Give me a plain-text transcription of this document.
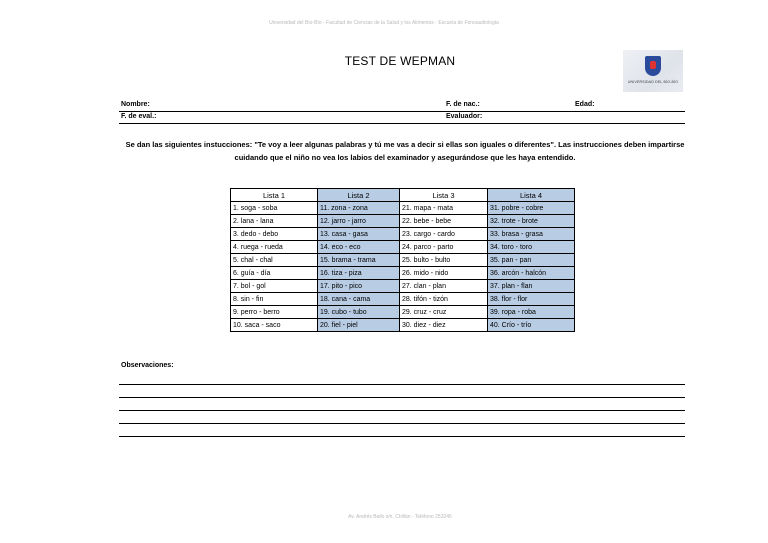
Universidad del Bío-Bío - Facultad de Ciencias de la Salud y los Alimentos - Escuela de Fonoaudiología
TEST DE WEPMAN
UNIVERSIDAD DEL BÍO-BÍO
Nombre:	F. de nac.:	Edad:
F. de eval.:	Evaluador:
Se dan las siguientes instucciones: "Te voy a leer algunas palabras y tú me vas a decir si ellas son iguales o diferentes". Las instrucciones deben impartirse cuidando que el niño no vea los labios del examinador y asegurándose que les haya entendido.
Lista 1	Lista 2	Lista 3	Lista 4
1. soga - soba	11. zona - zona	21. mapa - mata	31. pobre - cobre
2. lana - lana	12. jarro - jarro	22. bebe - bebe	32. trote - brote
3. dedo - debo	13. casa - gasa	23. cargo - cardo	33. brasa - grasa
4. ruega - rueda	14. eco - eco	24. parco - parto	34. toro - toro
5. chal - chal	15. brama - trama	25. bulto - bulto	35. pan - pan
6. guía - día	16. tiza - piza	26. mido - nido	36. arcón - halcón
7. bol - gol	17. pito - pico	27. clan - plan	37. plan - flan
8. sin - fin	18. cana - cama	28. tifón - tizón	38. flor - flor
9. perro - berro	19. cubo - tubo	29. cruz - cruz	39. ropa - roba
10. saca - saco	20. fiel - piel	30. diez - diez	40. Crío - trío
Observaciones:
Av. Andrés Bello s/n, Chillán - Teléfono 253245
